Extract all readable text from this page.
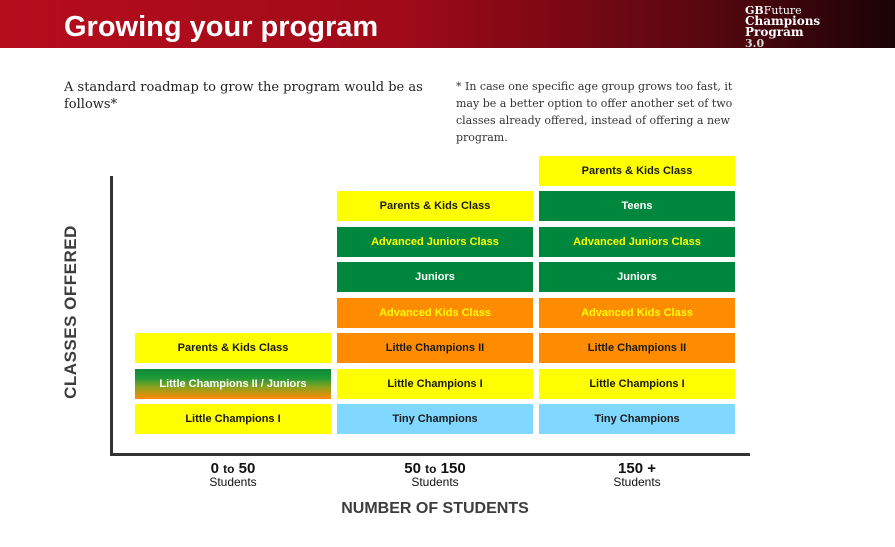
Growing your program
GBFuture
Champions
Program
3.0
A standard roadmap to grow the program would be as follows*
* In case one specific age group grows too fast, it may be a better option to offer another set of two classes already offered, instead of offering a new program.
CLASSES OFFERED
NUMBER OF STUDENTS
Little Champions I
Little Champions II / Juniors
Parents & Kids Class
0 to 50
Students
Tiny Champions
Little Champions I
Little Champions II
Advanced Kids Class
Juniors
Advanced Juniors Class
Parents & Kids Class
50 to 150
Students
Tiny Champions
Little Champions I
Little Champions II
Advanced Kids Class
Juniors
Advanced Juniors Class
Teens
Parents & Kids Class
150 +
Students
